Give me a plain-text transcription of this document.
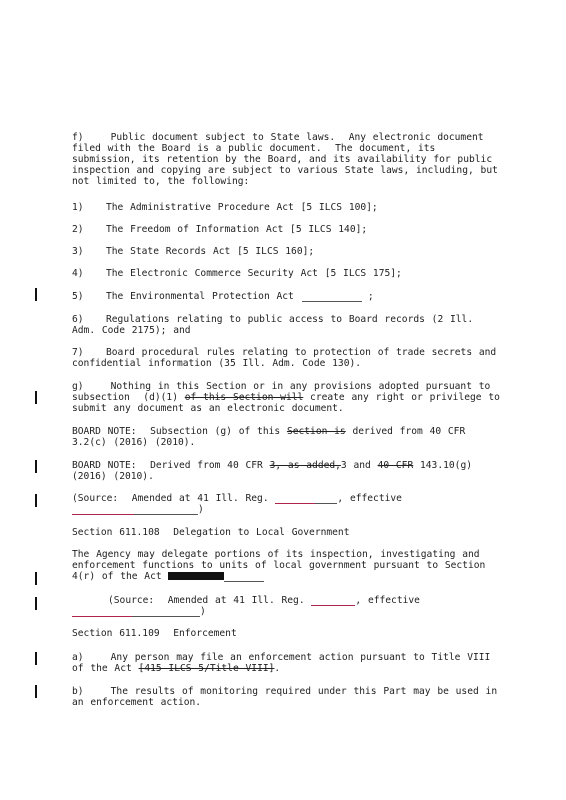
f)    Public document subject to State laws.  Any electronic document
filed with the Board is a public document.  The document, its
submission, its retention by the Board, and its availability for public
inspection and copying are subject to various State laws, including, but
not limited to, the following:
1) The Administrative Procedure Act [5 ILCS 100];
2) The Freedom of Information Act [5 ILCS 140];
3) The State Records Act [5 ILCS 160];
4) The Electronic Commerce Security Act [5 ILCS 175];
5) The Environmental Protection Act	;
6) Regulations relating to public access to Board records (2 Ill.
Adm. Code 2175); and
7) Board procedural rules relating to protection of trade secrets and
confidential information (35 Ill. Adm. Code 130).
g)    Nothing in this Section or in any provisions adopted pursuant to
subsection  (d)(1) of this Section will create any right or privilege to
submit any document as an electronic document.
BOARD NOTE:  Subsection (g) of this Section is derived from 40 CFR
3.2(c) (2016) (2010).
BOARD NOTE:  Derived from 40 CFR 3, as added,3 and 40 CFR 143.10(g)
(2016) (2010).
(Source:  Amended at 41 Ill. Reg.	, effective
)
Section 611.108  Delegation to Local Government
The Agency may delegate portions of its inspection, investigating and
enforcement functions to units of local government pursuant to Section
4(r) of the Act
(Source:  Amended at 41 Ill. Reg.	, effective
)
Section 611.109  Enforcement
a)    Any person may file an enforcement action pursuant to Title VIII
of the Act [415 ILCS 5/Title VIII].
b)    The results of monitoring required under this Part may be used in
an enforcement action.
